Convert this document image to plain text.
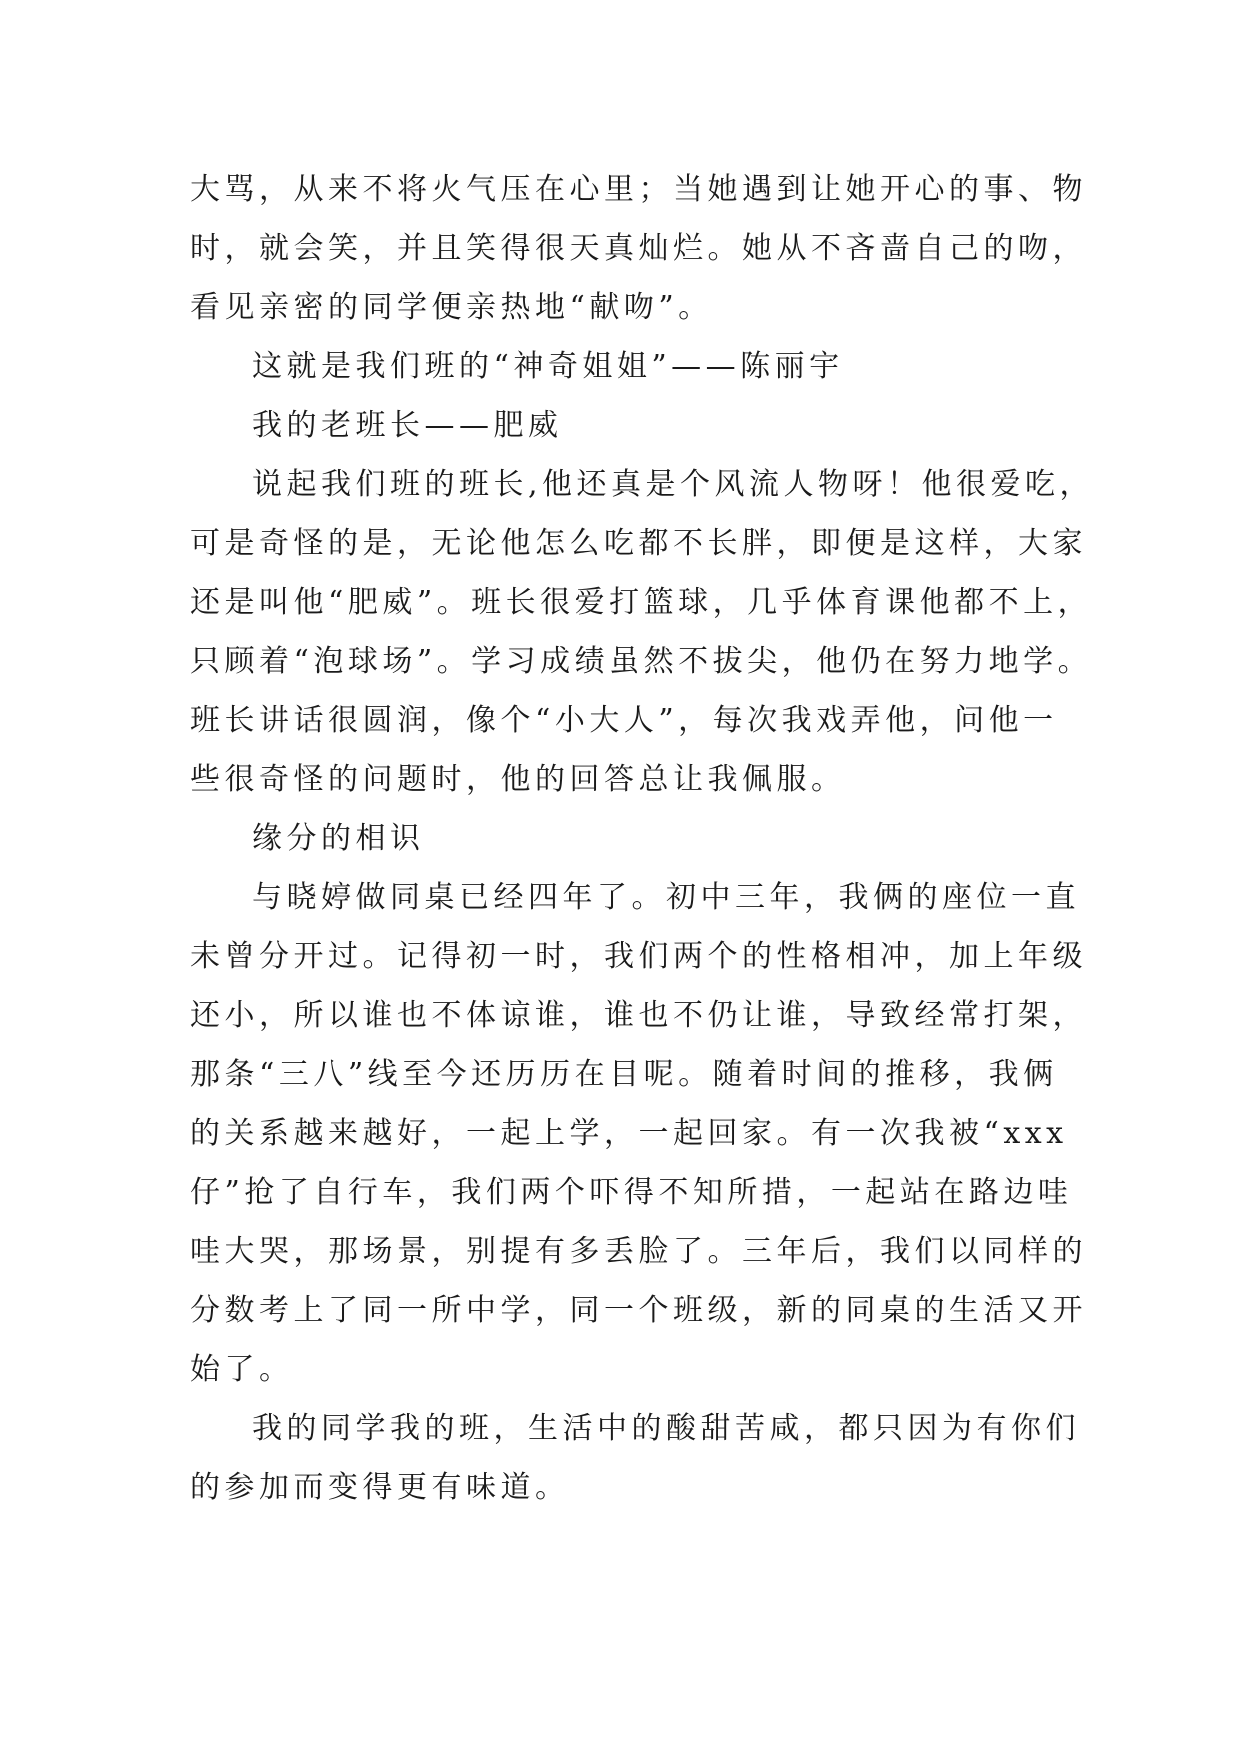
大骂，从来不将火气压在心里；当她遇到让她开心的事、物

时，就会笑，并且笑得很天真灿烂。她从不吝啬自己的吻，

看见亲密的同学便亲热地“献吻”。

这就是我们班的“神奇姐姐”——陈丽宇

我的老班长——肥威

说起我们班的班长,他还真是个风流人物呀！他很爱吃，

可是奇怪的是，无论他怎么吃都不长胖，即便是这样，大家

还是叫他“肥威”。班长很爱打篮球，几乎体育课他都不上，

只顾着“泡球场”。学习成绩虽然不拔尖，他仍在努力地学。

班长讲话很圆润，像个“小大人”，每次我戏弄他，问他一

些很奇怪的问题时，他的回答总让我佩服。

缘分的相识

与晓婷做同桌已经四年了。初中三年，我俩的座位一直

未曾分开过。记得初一时，我们两个的性格相冲，加上年级

还小，所以谁也不体谅谁，谁也不仍让谁，导致经常打架，

那条“三八”线至今还历历在目呢。随着时间的推移，我俩

的关系越来越好，一起上学，一起回家。有一次我被“xxx

仔”抢了自行车，我们两个吓得不知所措，一起站在路边哇

哇大哭，那场景，别提有多丢脸了。三年后，我们以同样的

分数考上了同一所中学，同一个班级，新的同桌的生活又开

始了。

我的同学我的班，生活中的酸甜苦咸，都只因为有你们

的参加而变得更有味道。
